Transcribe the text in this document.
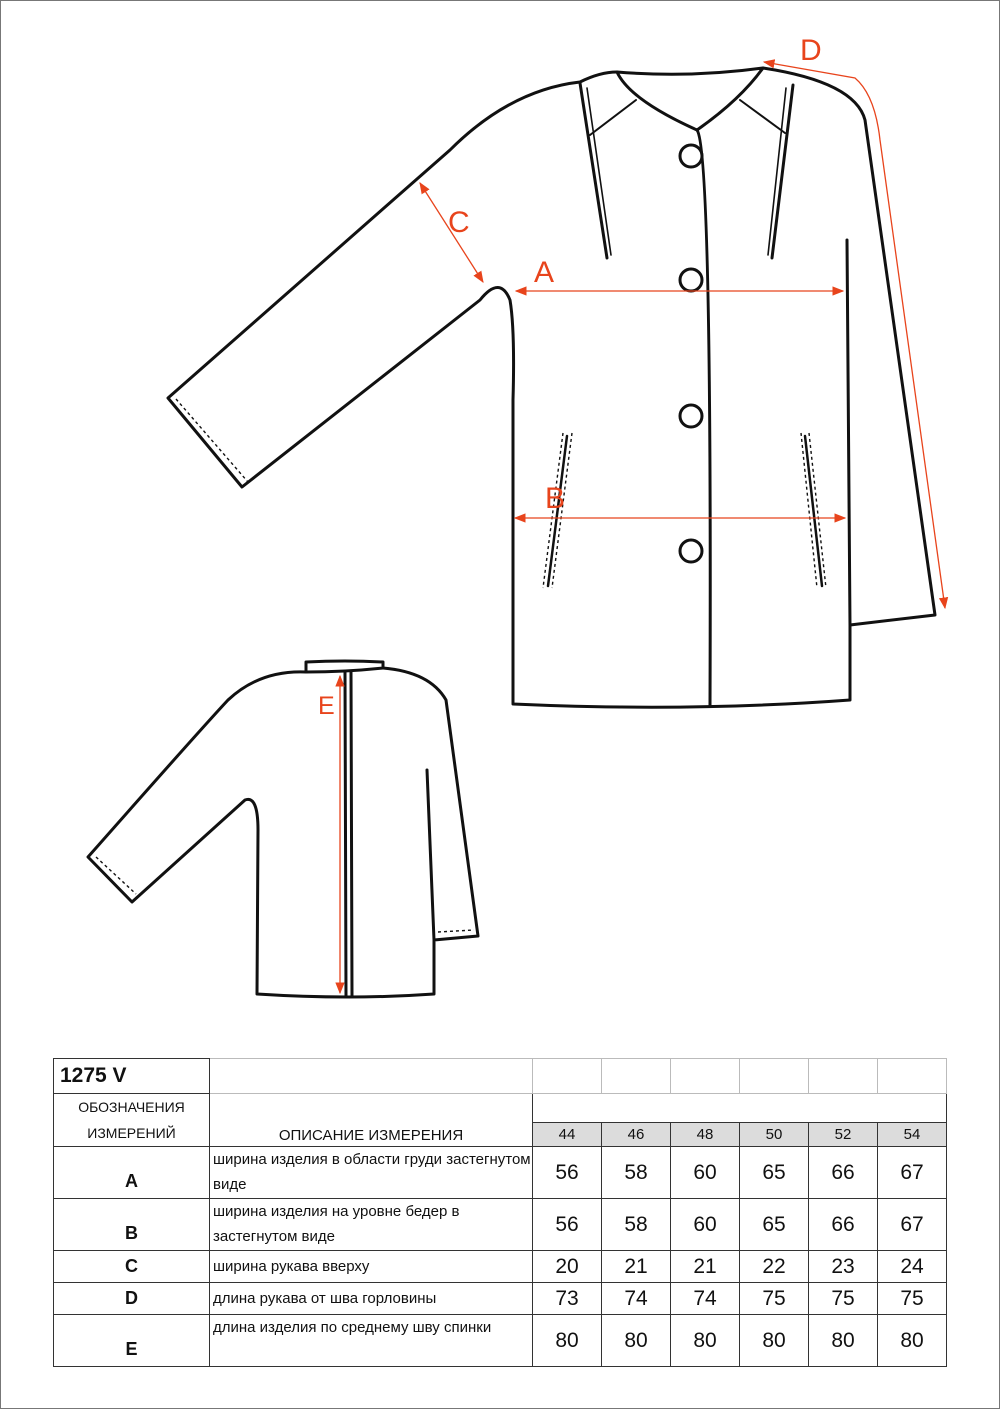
A
B
C
D
E
1275 V							
ОБОЗНАЧЕНИЯ
ИЗМЕРЕНИЙ	ОПИСАНИЕ ИЗМЕРЕНИЯ						
		44	46	48	50	52	54
A	ширина изделия в области груди застегнутом виде	56	58	60	65	66	67
B	ширина изделия на уровне бедер в застегнутом виде	56	58	60	65	66	67
C	ширина рукава вверху	20	21	21	22	23	24
D	длина рукава от шва горловины	73	74	74	75	75	75
E	длина изделия по среднему шву спинки	80	80	80	80	80	80
